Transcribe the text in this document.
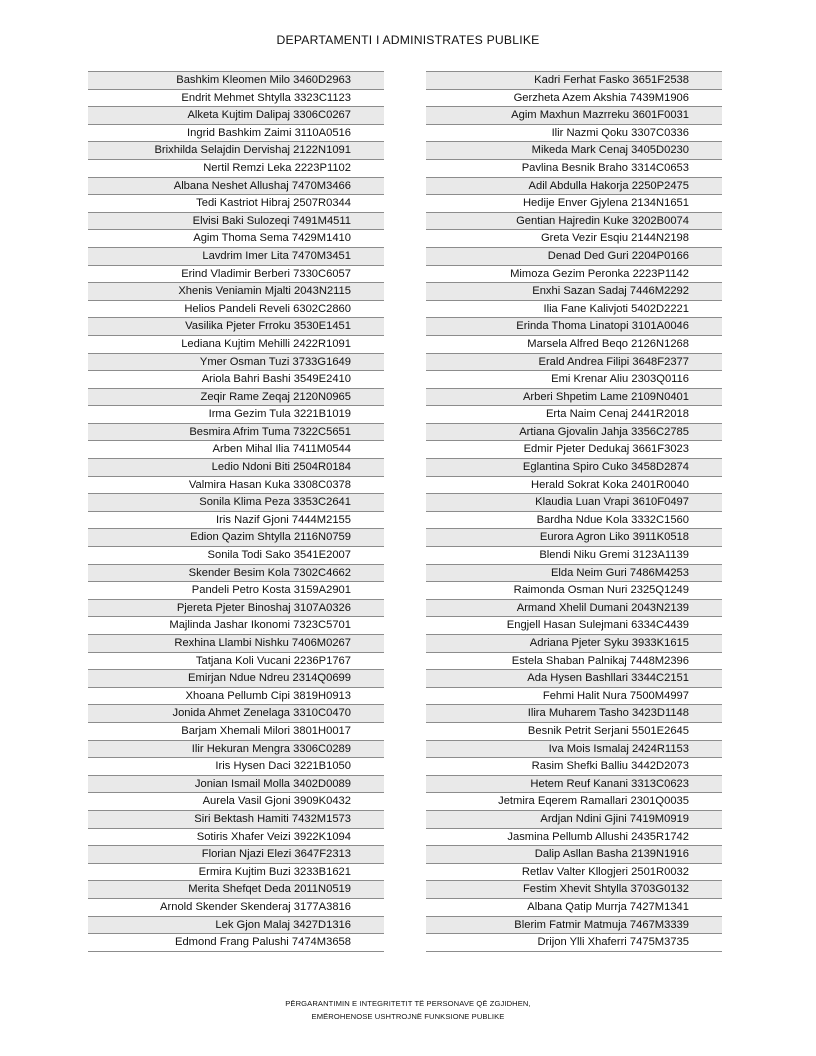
DEPARTAMENTI I ADMINISTRATES PUBLIKE
Bashkim Kleomen Milo 3460D2963
Endrit Mehmet Shtylla 3323C1123
Alketa Kujtim Dalipaj 3306C0267
Ingrid Bashkim Zaimi 3110A0516
Brixhilda Selajdin Dervishaj 2122N1091
Nertil Remzi Leka 2223P1102
Albana Neshet Allushaj 7470M3466
Tedi Kastriot Hibraj 2507R0344
Elvisi Baki Sulozeqi 7491M4511
Agim Thoma Sema 7429M1410
Lavdrim Imer Lita 7470M3451
Erind Vladimir Berberi 7330C6057
Xhenis Veniamin Mjalti 2043N2115
Helios Pandeli Reveli 6302C2860
Vasilika Pjeter Frroku 3530E1451
Lediana Kujtim Mehilli 2422R1091
Ymer Osman Tuzi 3733G1649
Ariola Bahri Bashi 3549E2410
Zeqir Rame Zeqaj 2120N0965
Irma Gezim Tula 3221B1019
Besmira Afrim Tuma 7322C5651
Arben Mihal Ilia 7411M0544
Ledio Ndoni Biti 2504R0184
Valmira Hasan Kuka 3308C0378
Sonila Klima Peza 3353C2641
Iris Nazif Gjoni 7444M2155
Edion Qazim Shtylla 2116N0759
Sonila Todi Sako 3541E2007
Skender Besim Kola 7302C4662
Pandeli Petro Kosta 3159A2901
Pjereta Pjeter Binoshaj 3107A0326
Majlinda Jashar Ikonomi 7323C5701
Rexhina Llambi Nishku 7406M0267
Tatjana Koli Vucani 2236P1767
Emirjan Ndue Ndreu 2314Q0699
Xhoana Pellumb Cipi 3819H0913
Jonida Ahmet Zenelaga 3310C0470
Barjam Xhemali Milori 3801H0017
Ilir Hekuran Mengra 3306C0289
Iris Hysen Daci 3221B1050
Jonian Ismail Molla 3402D0089
Aurela Vasil Gjoni 3909K0432
Siri Bektash Hamiti 7432M1573
Sotiris Xhafer Veizi 3922K1094
Florian Njazi Elezi 3647F2313
Ermira Kujtim Buzi 3233B1621
Merita Shefqet Deda 2011N0519
Arnold Skender Skenderaj 3177A3816
Lek Gjon Malaj 3427D1316
Edmond Frang Palushi 7474M3658
Kadri Ferhat Fasko 3651F2538
Gerzheta Azem Akshia 7439M1906
Agim Maxhun Mazrreku 3601F0031
Ilir Nazmi Qoku 3307C0336
Mikeda Mark Cenaj 3405D0230
Pavlina Besnik Braho 3314C0653
Adil Abdulla Hakorja 2250P2475
Hedije Enver Gjylena 2134N1651
Gentian Hajredin Kuke 3202B0074
Greta Vezir Esqiu 2144N2198
Denad Ded Guri 2204P0166
Mimoza Gezim Peronka 2223P1142
Enxhi Sazan Sadaj 7446M2292
Ilia Fane Kalivjoti 5402D2221
Erinda Thoma Linatopi 3101A0046
Marsela Alfred Beqo 2126N1268
Erald Andrea Filipi 3648F2377
Emi Krenar Aliu 2303Q0116
Arberi Shpetim Lame 2109N0401
Erta Naim Cenaj 2441R2018
Artiana Gjovalin Jahja 3356C2785
Edmir Pjeter Dedukaj 3661F3023
Eglantina Spiro Cuko 3458D2874
Herald Sokrat Koka 2401R0040
Klaudia Luan Vrapi 3610F0497
Bardha Ndue Kola 3332C1560
Eurora Agron Liko 3911K0518
Blendi Niku Gremi 3123A1139
Elda Neim Guri 7486M4253
Raimonda Osman Nuri 2325Q1249
Armand Xhelil Dumani 2043N2139
Engjell Hasan Sulejmani 6334C4439
Adriana Pjeter Syku 3933K1615
Estela Shaban Palnikaj 7448M2396
Ada Hysen Bashllari 3344C2151
Fehmi Halit Nura 7500M4997
Ilira Muharem Tasho 3423D1148
Besnik Petrit Serjani 5501E2645
Iva Mois Ismalaj 2424R1153
Rasim Shefki Balliu 3442D2073
Hetem Reuf Kanani 3313C0623
Jetmira Eqerem Ramallari 2301Q0035
Ardjan Ndini Gjini 7419M0919
Jasmina Pellumb Allushi 2435R1742
Dalip Asllan Basha 2139N1916
Retlav Valter Kllogjeri 2501R0032
Festim Xhevit Shtylla 3703G0132
Albana Qatip Murrja 7427M1341
Blerim Fatmir Matmuja 7467M3339
Drijon Ylli Xhaferri 7475M3735
PËRGARANTIMIN E INTEGRITETIT TË PERSONAVE QË ZGJIDHEN,
EMËROHENOSE USHTROJNË FUNKSIONE PUBLIKE
